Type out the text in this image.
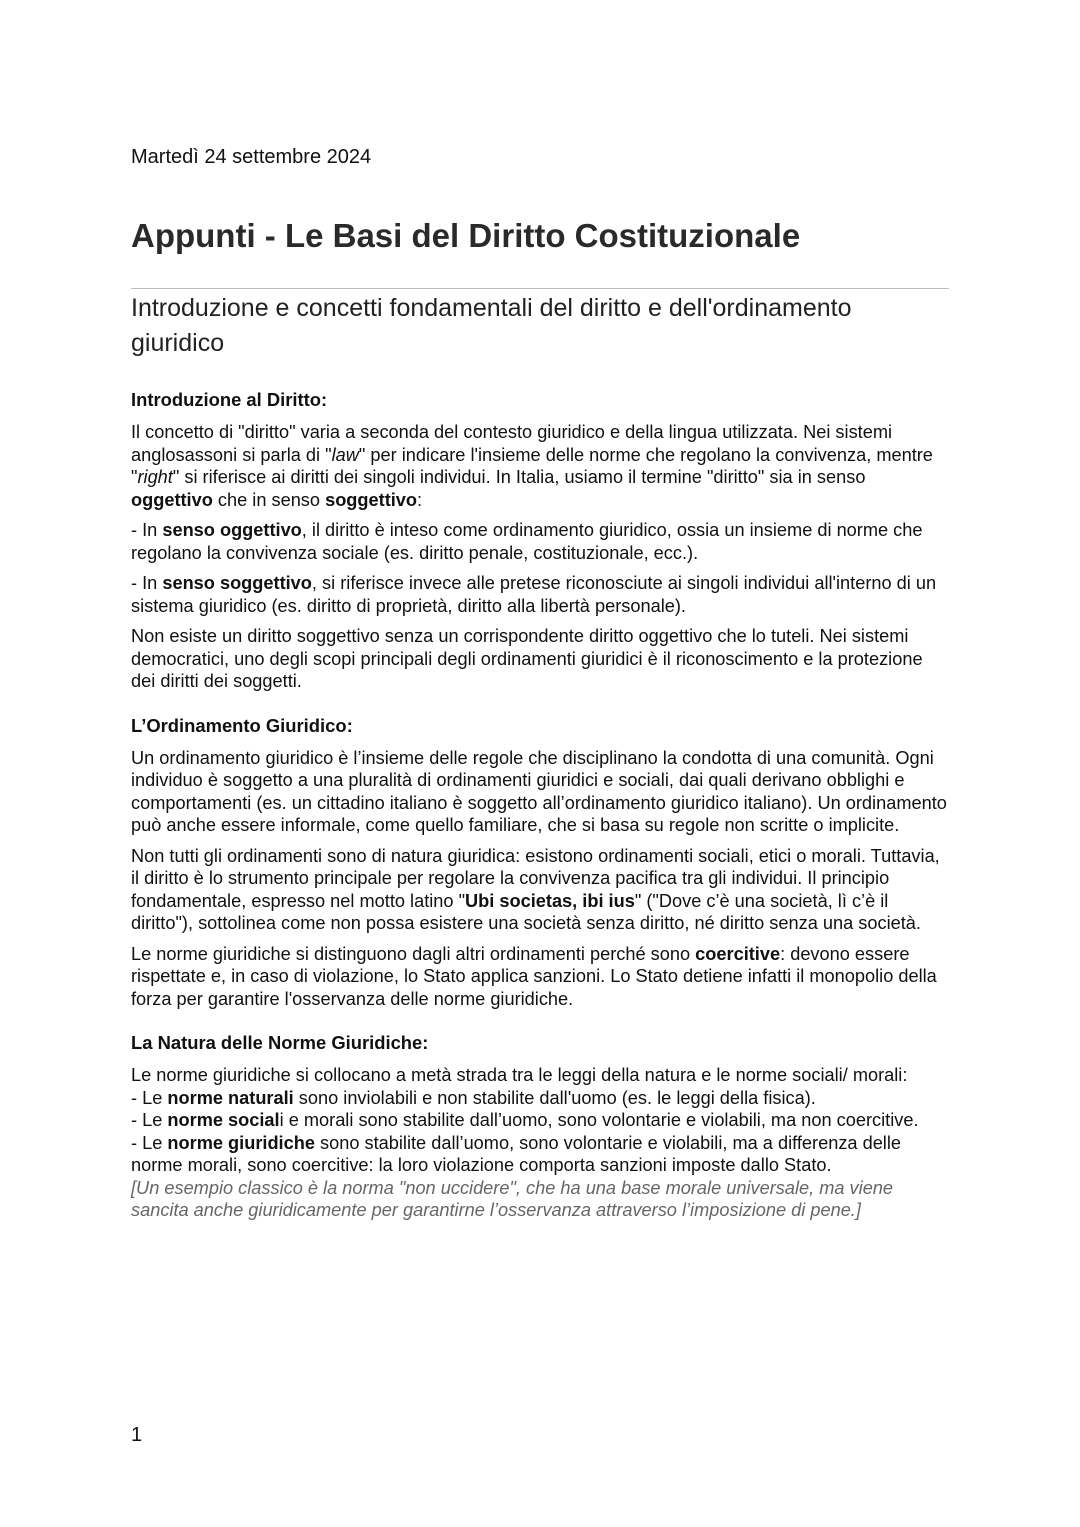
Martedì 24 settembre 2024
Appunti - Le Basi del Diritto Costituzionale
Introduzione e concetti fondamentali del diritto e dell'ordinamento giuridico
Introduzione al Diritto:

Il concetto di "diritto" varia a seconda del contesto giuridico e della lingua utilizzata. Nei sistemi anglosassoni si parla di "law" per indicare l'insieme delle norme che regolano la convivenza, mentre "right" si riferisce ai diritti dei singoli individui. In Italia, usiamo il termine "diritto" sia in senso oggettivo che in senso soggettivo:

- In senso oggettivo, il diritto è inteso come ordinamento giuridico, ossia un insieme di norme che regolano la convivenza sociale (es. diritto penale, costituzionale, ecc.).

- In senso soggettivo, si riferisce invece alle pretese riconosciute ai singoli individui all'interno di un sistema giuridico (es. diritto di proprietà, diritto alla libertà personale).

Non esiste un diritto soggettivo senza un corrispondente diritto oggettivo che lo tuteli. Nei sistemi democratici, uno degli scopi principali degli ordinamenti giuridici è il riconoscimento e la protezione dei diritti dei soggetti.

L’Ordinamento Giuridico:

Un ordinamento giuridico è l’insieme delle regole che disciplinano la condotta di una comunità. Ogni individuo è soggetto a una pluralità di ordinamenti giuridici e sociali, dai quali derivano obblighi e comportamenti (es. un cittadino italiano è soggetto all’ordinamento giuridico italiano). Un ordinamento può anche essere informale, come quello familiare, che si basa su regole non scritte o implicite.

Non tutti gli ordinamenti sono di natura giuridica: esistono ordinamenti sociali, etici o morali. Tuttavia, il diritto è lo strumento principale per regolare la convivenza pacifica tra gli individui. Il principio fondamentale, espresso nel motto latino "Ubi societas, ibi ius" ("Dove c’è una società, lì c’è il diritto"), sottolinea come non possa esistere una società senza diritto, né diritto senza una società.

Le norme giuridiche si distinguono dagli altri ordinamenti perché sono coercitive: devono essere rispettate e, in caso di violazione, lo Stato applica sanzioni. Lo Stato detiene infatti il monopolio della forza per garantire l'osservanza delle norme giuridiche.

La Natura delle Norme Giuridiche:
Le norme giuridiche si collocano a metà strada tra le leggi della natura e le norme sociali/ morali:
- Le norme naturali sono inviolabili e non stabilite dall'uomo (es. le leggi della fisica).
- Le norme sociali e morali sono stabilite dall’uomo, sono volontarie e violabili, ma non coercitive.
- Le norme giuridiche sono stabilite dall’uomo, sono volontarie e violabili, ma a differenza delle norme morali, sono coercitive: la loro violazione comporta sanzioni imposte dallo Stato.
[Un esempio classico è la norma "non uccidere", che ha una base morale universale, ma viene sancita anche giuridicamente per garantirne l’osservanza attraverso l’imposizione di pene.]
1
